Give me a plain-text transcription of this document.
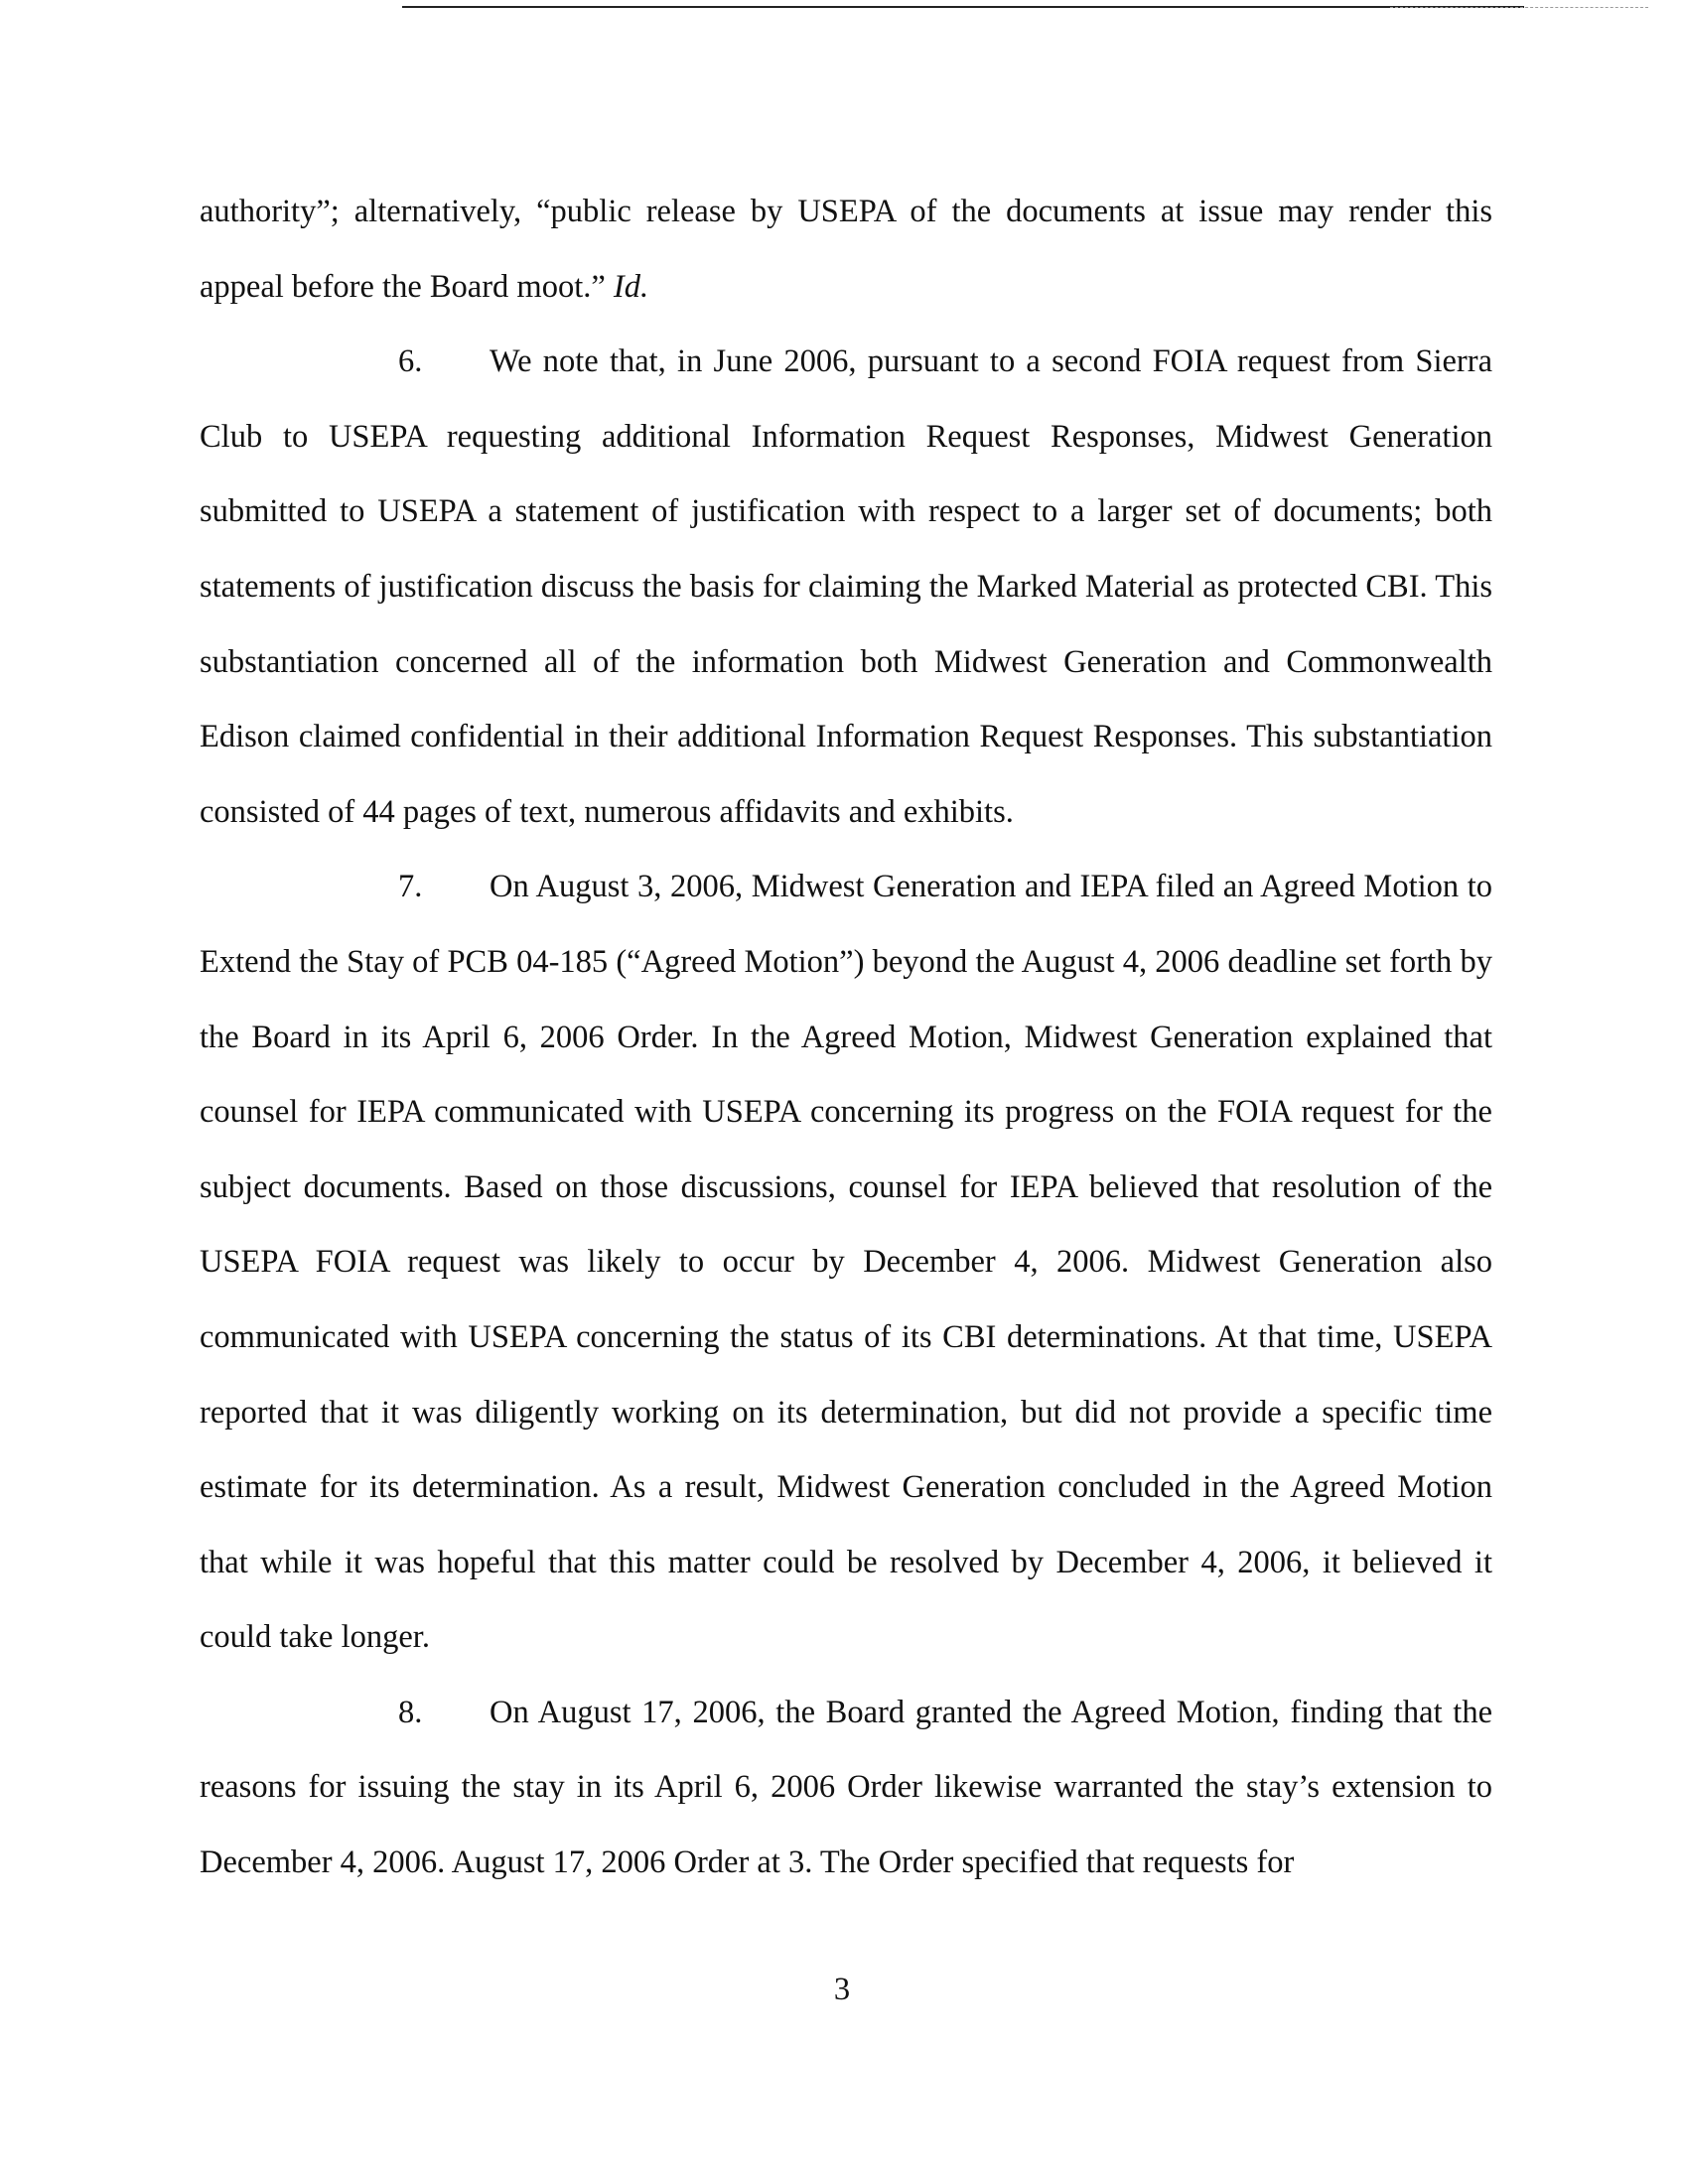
authority”; alternatively, “public release by USEPA of the documents at issue may render this appeal before the Board moot.” Id.

6. We note that, in June 2006, pursuant to a second FOIA request from Sierra Club to USEPA requesting additional Information Request Responses, Midwest Generation submitted to USEPA a statement of justification with respect to a larger set of documents; both statements of justification discuss the basis for claiming the Marked Material as protected CBI. This substantiation concerned all of the information both Midwest Generation and Commonwealth Edison claimed confidential in their additional Information Request Responses. This substantiation consisted of 44 pages of text, numerous affidavits and exhibits.

7. On August 3, 2006, Midwest Generation and IEPA filed an Agreed Motion to Extend the Stay of PCB 04-185 (“Agreed Motion”) beyond the August 4, 2006 deadline set forth by the Board in its April 6, 2006 Order. In the Agreed Motion, Midwest Generation explained that counsel for IEPA communicated with USEPA concerning its progress on the FOIA request for the subject documents. Based on those discussions, counsel for IEPA believed that resolution of the USEPA FOIA request was likely to occur by December 4, 2006. Midwest Generation also communicated with USEPA concerning the status of its CBI determinations. At that time, USEPA reported that it was diligently working on its determination, but did not provide a specific time estimate for its determination. As a result, Midwest Generation concluded in the Agreed Motion that while it was hopeful that this matter could be resolved by December 4, 2006, it believed it could take longer.

8. On August 17, 2006, the Board granted the Agreed Motion, finding that the reasons for issuing the stay in its April 6, 2006 Order likewise warranted the stay’s extension to December 4, 2006. August 17, 2006 Order at 3. The Order specified that requests for

3
